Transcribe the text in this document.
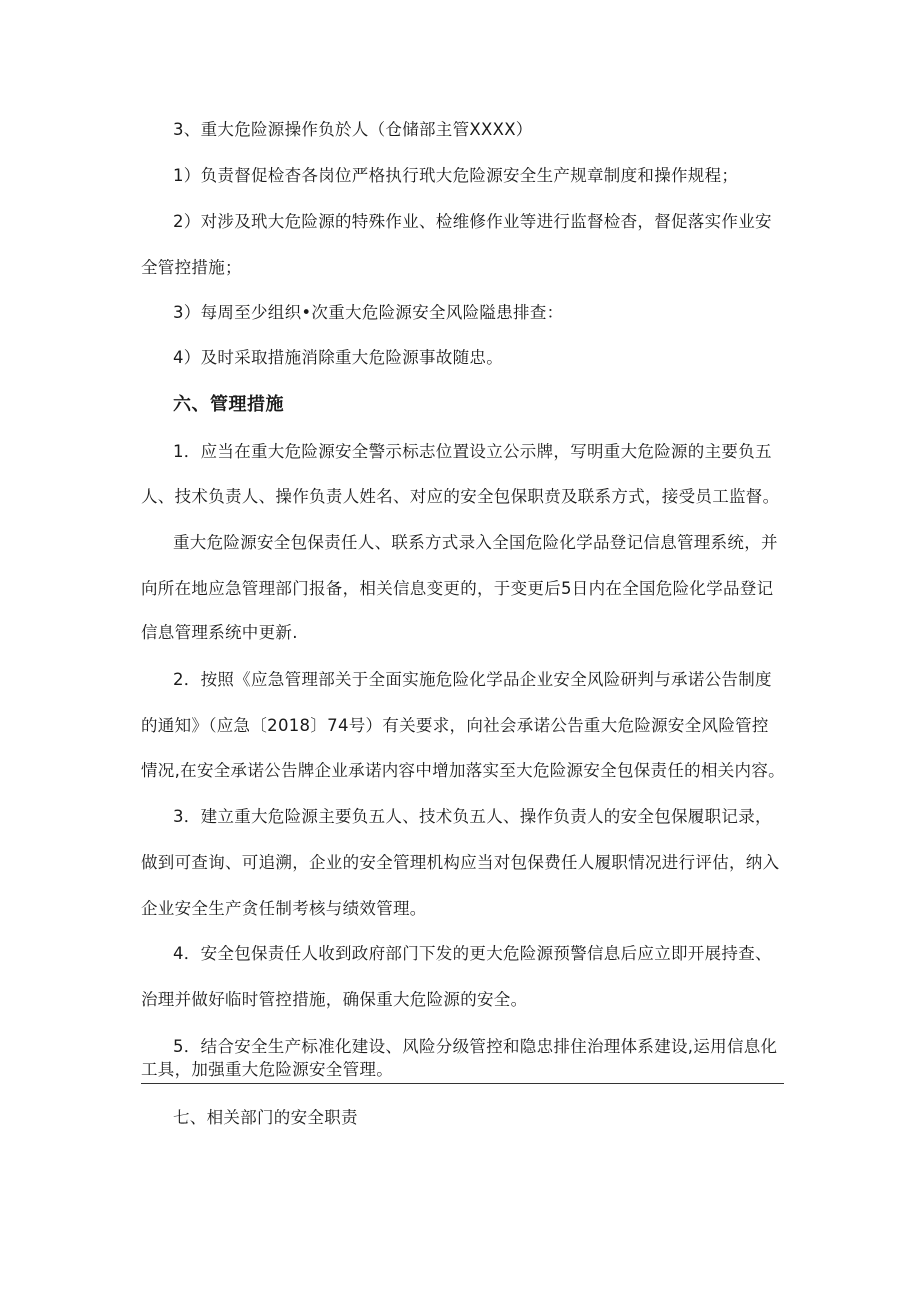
3、重大危险源操作负於人（仓储部主管XXXX）
1）负责督促检杳各岗位严格执行玳大危险源安全生产规章制度和操作规程；
2）对涉及玳大危险源的特殊作业、检维修作业等进行监督检杳，督促落实作业安
全管控措施；
3）每周至少组织•次重大危险源安全风险隘患排查：
4）及时采取措施消除重大危险源事故随忠。
六、管理措施
1．应当在重大危险源安全警示标志位置设立公示牌，写明重大危险源的主要负五
人、技术负责人、操作负责人姓名、对应的安全包保职贲及联系方式，接受员工监督。
重大危险源安全包保责任人、联系方式录入全国危险化学品登记信息管理系统，并
向所在地应急管理部门报备，相关信息变更的，于变更后5日内在全国危险化学品登记
信息管理系统中更新.
2．按照《应急管理部关于全面实施危险化学品企业安全风险研判与承诺公告制度
的通知》（应急〔2018〕74号）有关要求，向社会承诺公告重大危险源安全风险管控
情况,在安全承诺公告牌企业承诺内容中增加落实至大危险源安全包保责任的相关内容。
3．建立重大危险源主要负五人、技术负五人、操作负责人的安全包保履职记录，
做到可查询、可追溯，企业的安全管理机构应当对包保费任人履职情况进行评估，纳入
企业安全生产贪任制考核与绩效管理。
4．安全包保责任人收到政府部门下发的更大危险源预警信息后应立即开展持查、
治理并做好临时管控措施，确保重大危险源的安全。
5．结合安全生产标准化建设、风险分级管控和隐忠排住治理体系建设,运用信息化
工具，加强重大危险源安全管理。
七、相关部门的安全职责
